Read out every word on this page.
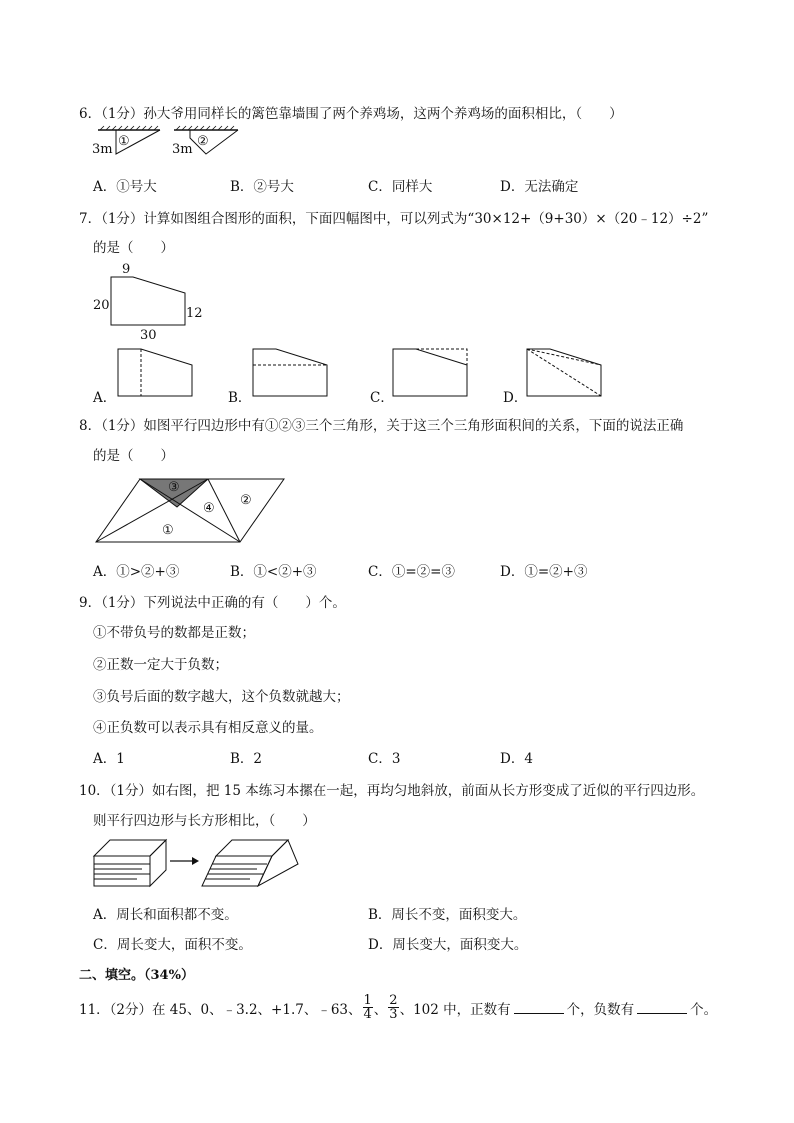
6．（1分）孙大爷用同样长的篱笆靠墙围了两个养鸡场，这两个养鸡场的面积相比，（　　）
3m
①
3m
②
A．①号大	B．②号大	C．同样大	D．无法确定
7．（1分）计算如图组合图形的面积，下面四幅图中，可以列式为“30×12+（9+30）×（20﹣12）÷2”
的是（　　）
9
20
12
30
A．	B．	C．	D．
8．（1分）如图平行四边形中有①②③三个三角形，关于这三个三角形面积间的关系，下面的说法正确
的是（　　）
③
②
④
①
A．①>②+③	B．①<②+③	C．①=②=③	D．①=②+③
9．（1分）下列说法中正确的有（　　）个。
①不带负号的数都是正数；
②正数一定大于负数；
③负号后面的数字越大，这个负数就越大；
④正负数可以表示具有相反意义的量。
A．1	B．2	C．3	D．4
10．（1分）如右图，把 15 本练习本摞在一起，再均匀地斜放，前面从长方形变成了近似的平行四边形。
则平行四边形与长方形相比，（　　）
A．周长和面积都不变。	B．周长不变，面积变大。
C．周长变大，面积不变。	D．周长变大，面积变大。
二、填空。（34%）
11．（2分）在 45、0、﹣3.2、+1.7、﹣63、 $\frac{1}{4}$ 、 $\frac{2}{3}$ 、102 中，正数有	个，负数有	个。
